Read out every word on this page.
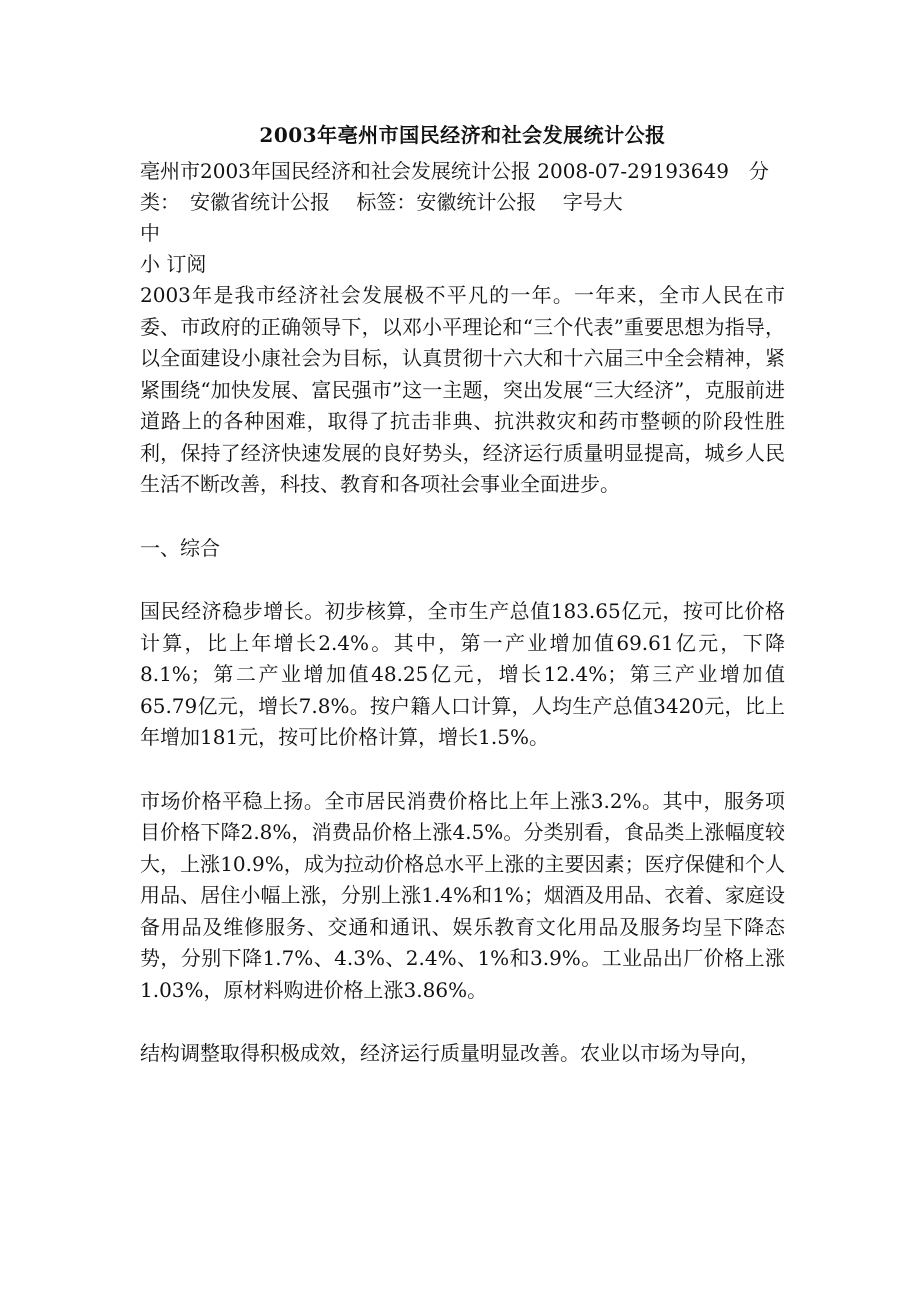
2003年亳州市国民经济和社会发展统计公报
亳州市2003年国民经济和社会发展统计公报 2008-07-29193649　分类：　安徽省统计公报　 标签：安徽统计公报 　字号大
中
小 订阅

2003年是我市经济社会发展极不平凡的一年。一年来，全市人民在市委、市政府的正确领导下，以邓小平理论和“三个代表”重要思想为指导，以全面建设小康社会为目标，认真贯彻十六大和十六届三中全会精神，紧紧围绕“加快发展、富民强市”这一主题，突出发展“三大经济”，克服前进道路上的各种困难，取得了抗击非典、抗洪救灾和药市整顿的阶段性胜利，保持了经济快速发展的良好势头，经济运行质量明显提高，城乡人民生活不断改善，科技、教育和各项社会事业全面进步。

一、综合

国民经济稳步增长。初步核算，全市生产总值183.65亿元，按可比价格计算，比上年增长2.4%。其中，第一产业增加值69.61亿元，下降8.1%；第二产业增加值48.25亿元，增长12.4%；第三产业增加值65.79亿元，增长7.8%。按户籍人口计算，人均生产总值3420元，比上年增加181元，按可比价格计算，增长1.5%。

市场价格平稳上扬。全市居民消费价格比上年上涨3.2%。其中，服务项目价格下降2.8%，消费品价格上涨4.5%。分类别看，食品类上涨幅度较大，上涨10.9%，成为拉动价格总水平上涨的主要因素；医疗保健和个人用品、居住小幅上涨，分别上涨1.4%和1%；烟酒及用品、衣着、家庭设备用品及维修服务、交通和通讯、娱乐教育文化用品及服务均呈下降态势，分别下降1.7%、4.3%、2.4%、1%和3.9%。工业品出厂价格上涨1.03%，原材料购进价格上涨3.86%。

结构调整取得积极成效，经济运行质量明显改善。农业以市场为导向，
